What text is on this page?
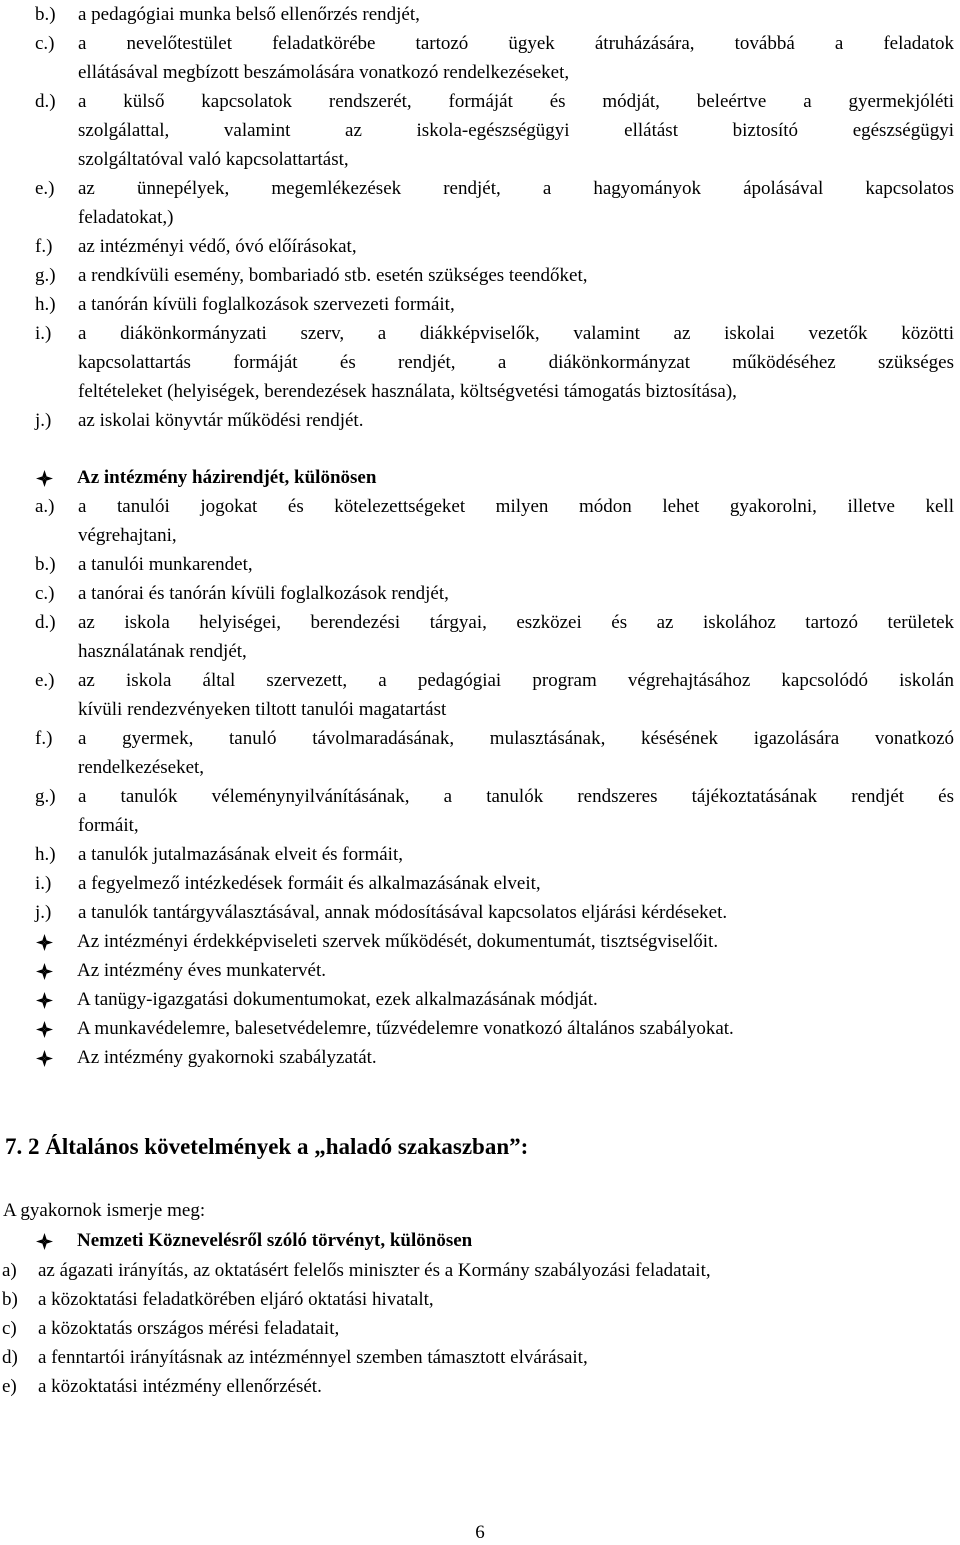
b.) a pedagógiai munka belső ellenőrzés rendjét,
c.) a nevelőtestület feladatkörébe tartozó ügyek átruházására, továbbá a feladatok
ellátásával megbízott beszámolására vonatkozó rendelkezéseket,
d.) a külső kapcsolatok rendszerét, formáját és módját, beleértve a gyermekjóléti
szolgálattal, valamint az iskola-egészségügyi ellátást biztosító egészségügyi
szolgáltatóval való kapcsolattartást,
e.) az ünnepélyek, megemlékezések rendjét, a hagyományok ápolásával kapcsolatos
feladatokat,)
f.) az intézményi védő, óvó előírásokat,
g.) a rendkívüli esemény, bombariadó stb. esetén szükséges teendőket,
h.) a tanórán kívüli foglalkozások szervezeti formáit,
i.) a diákönkormányzati szerv, a diákképviselők, valamint az iskolai vezetők közötti
kapcsolattartás formáját és rendjét, a diákönkormányzat működéséhez szükséges
feltételeket (helyiségek, berendezések használata, költségvetési támogatás biztosítása),
j.) az iskolai könyvtár működési rendjét.
Az intézmény házirendjét, különösen
a.) a tanulói jogokat és kötelezettségeket milyen módon lehet gyakorolni, illetve kell
végrehajtani,
b.) a tanulói munkarendet,
c.) a tanórai és tanórán kívüli foglalkozások rendjét,
d.) az iskola helyiségei, berendezési tárgyai, eszközei és az iskolához tartozó területek
használatának rendjét,
e.) az iskola által szervezett, a pedagógiai program végrehajtásához kapcsolódó iskolán
kívüli rendezvényeken tiltott tanulói magatartást
f.) a gyermek, tanuló távolmaradásának, mulasztásának, késésének igazolására vonatkozó
rendelkezéseket,
g.) a tanulók véleménynyilvánításának, a tanulók rendszeres tájékoztatásának rendjét és
formáit,
h.) a tanulók jutalmazásának elveit és formáit,
i.) a fegyelmező intézkedések formáit és alkalmazásának elveit,
j.) a tanulók tantárgyválasztásával, annak módosításával kapcsolatos eljárási kérdéseket.
Az intézményi érdekképviseleti szervek működését, dokumentumát, tisztségviselőit.
Az intézmény éves munkatervét.
A tanügy-igazgatási dokumentumokat, ezek alkalmazásának módját.
A munkavédelemre, balesetvédelemre, tűzvédelemre vonatkozó általános szabályokat.
Az intézmény gyakornoki szabályzatát.
7. 2 Általános követelmények a „haladó szakaszban”:
A gyakornok ismerje meg:
Nemzeti Köznevelésről szóló törvényt, különösen
a) az ágazati irányítás, az oktatásért felelős miniszter és a Kormány szabályozási feladatait,
b) a közoktatási feladatkörében eljáró oktatási hivatalt,
c) a közoktatás országos mérési feladatait,
d) a fenntartói irányításnak az intézménnyel szemben támasztott elvárásait,
e) a közoktatási intézmény ellenőrzését.
6
